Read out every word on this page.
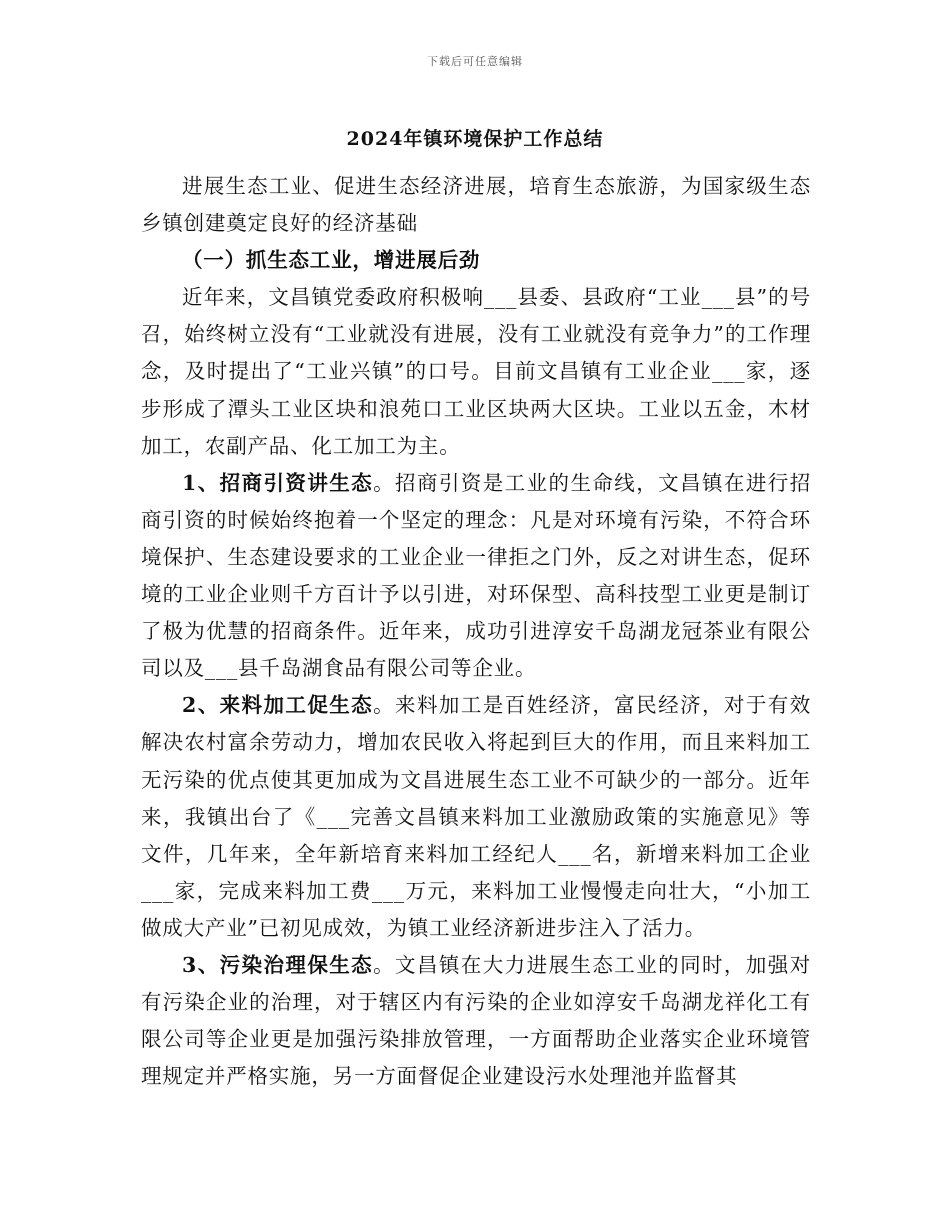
下载后可任意编辑
2024年镇环境保护工作总结

进展生态工业、促进生态经济进展，培育生态旅游，为国家级生态乡镇创建奠定良好的经济基础

（一）抓生态工业，增进展后劲

近年来，文昌镇党委政府积极响___县委、县政府“工业___县”的号召，始终树立没有“工业就没有进展，没有工业就没有竞争力”的工作理念，及时提出了“工业兴镇”的口号。目前文昌镇有工业企业___家，逐步形成了潭头工业区块和浪苑口工业区块两大区块。工业以五金，木材加工，农副产品、化工加工为主。

1、招商引资讲生态。招商引资是工业的生命线，文昌镇在进行招商引资的时候始终抱着一个坚定的理念：凡是对环境有污染，不符合环境保护、生态建设要求的工业企业一律拒之门外，反之对讲生态，促环境的工业企业则千方百计予以引进，对环保型、高科技型工业更是制订了极为优慧的招商条件。近年来，成功引进淳安千岛湖龙冠茶业有限公司以及___县千岛湖食品有限公司等企业。

2、来料加工促生态。来料加工是百姓经济，富民经济，对于有效解决农村富余劳动力，增加农民收入将起到巨大的作用，而且来料加工无污染的优点使其更加成为文昌进展生态工业不可缺少的一部分。近年来，我镇出台了《___完善文昌镇来料加工业激励政策的实施意见》等文件，几年来，全年新培育来料加工经纪人___名，新增来料加工企业___家，完成来料加工费___万元，来料加工业慢慢走向壮大，“小加工做成大产业”已初见成效，为镇工业经济新进步注入了活力。

3、污染治理保生态。文昌镇在大力进展生态工业的同时，加强对有污染企业的治理，对于辖区内有污染的企业如淳安千岛湖龙祥化工有限公司等企业更是加强污染排放管理，一方面帮助企业落实企业环境管理规定并严格实施，另一方面督促企业建设污水处理池并监督其
